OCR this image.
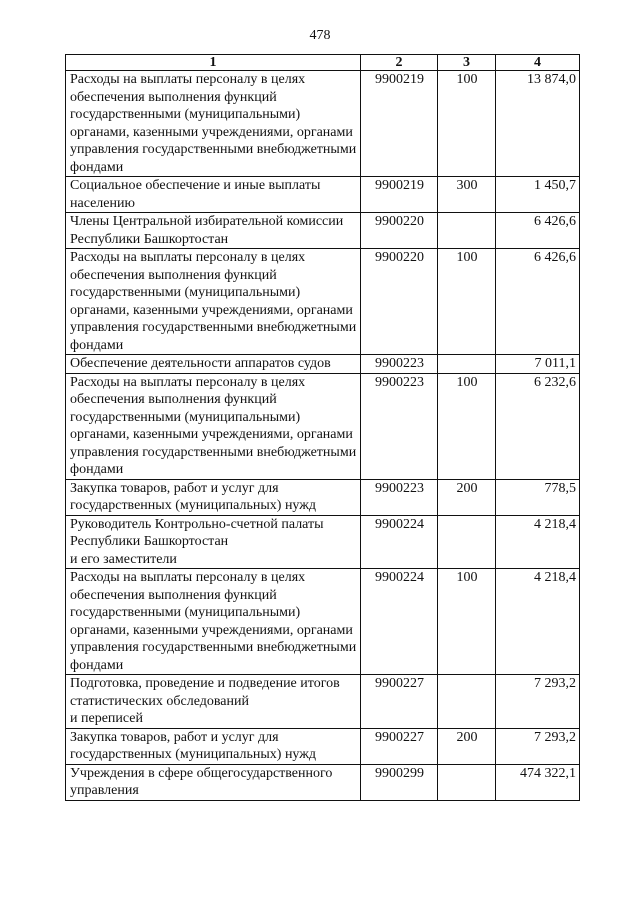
478
1	2	3	4
Расходы на выплаты персоналу в целях обеспечения выполнения функций государственными (муниципальными) органами, казенными учреждениями, органами управления государственными внебюджетными фондами	9900219	100	13 874,0
Социальное обеспечение и иные выплаты населению	9900219	300	1 450,7
Члены Центральной избирательной комиссии Республики Башкортостан	9900220		6 426,6
Расходы на выплаты персоналу в целях обеспечения выполнения функций государственными (муниципальными) органами, казенными учреждениями, органами управления государственными внебюджетными фондами	9900220	100	6 426,6
Обеспечение деятельности аппаратов судов	9900223		7 011,1
Расходы на выплаты персоналу в целях обеспечения выполнения функций государственными (муниципальными) органами, казенными учреждениями, органами управления государственными внебюджетными фондами	9900223	100	6 232,6
Закупка товаров, работ и услуг для государственных (муниципальных) нужд	9900223	200	778,5
Руководитель Контрольно-счетной палаты Республики Башкортостан
и его заместители	9900224		4 218,4
Расходы на выплаты персоналу в целях обеспечения выполнения функций государственными (муниципальными) органами, казенными учреждениями, органами управления государственными внебюджетными фондами	9900224	100	4 218,4
Подготовка, проведение и подведение итогов статистических обследований
и переписей	9900227		7 293,2
Закупка товаров, работ и услуг для государственных (муниципальных) нужд	9900227	200	7 293,2
Учреждения в сфере общегосударственного управления	9900299		474 322,1
